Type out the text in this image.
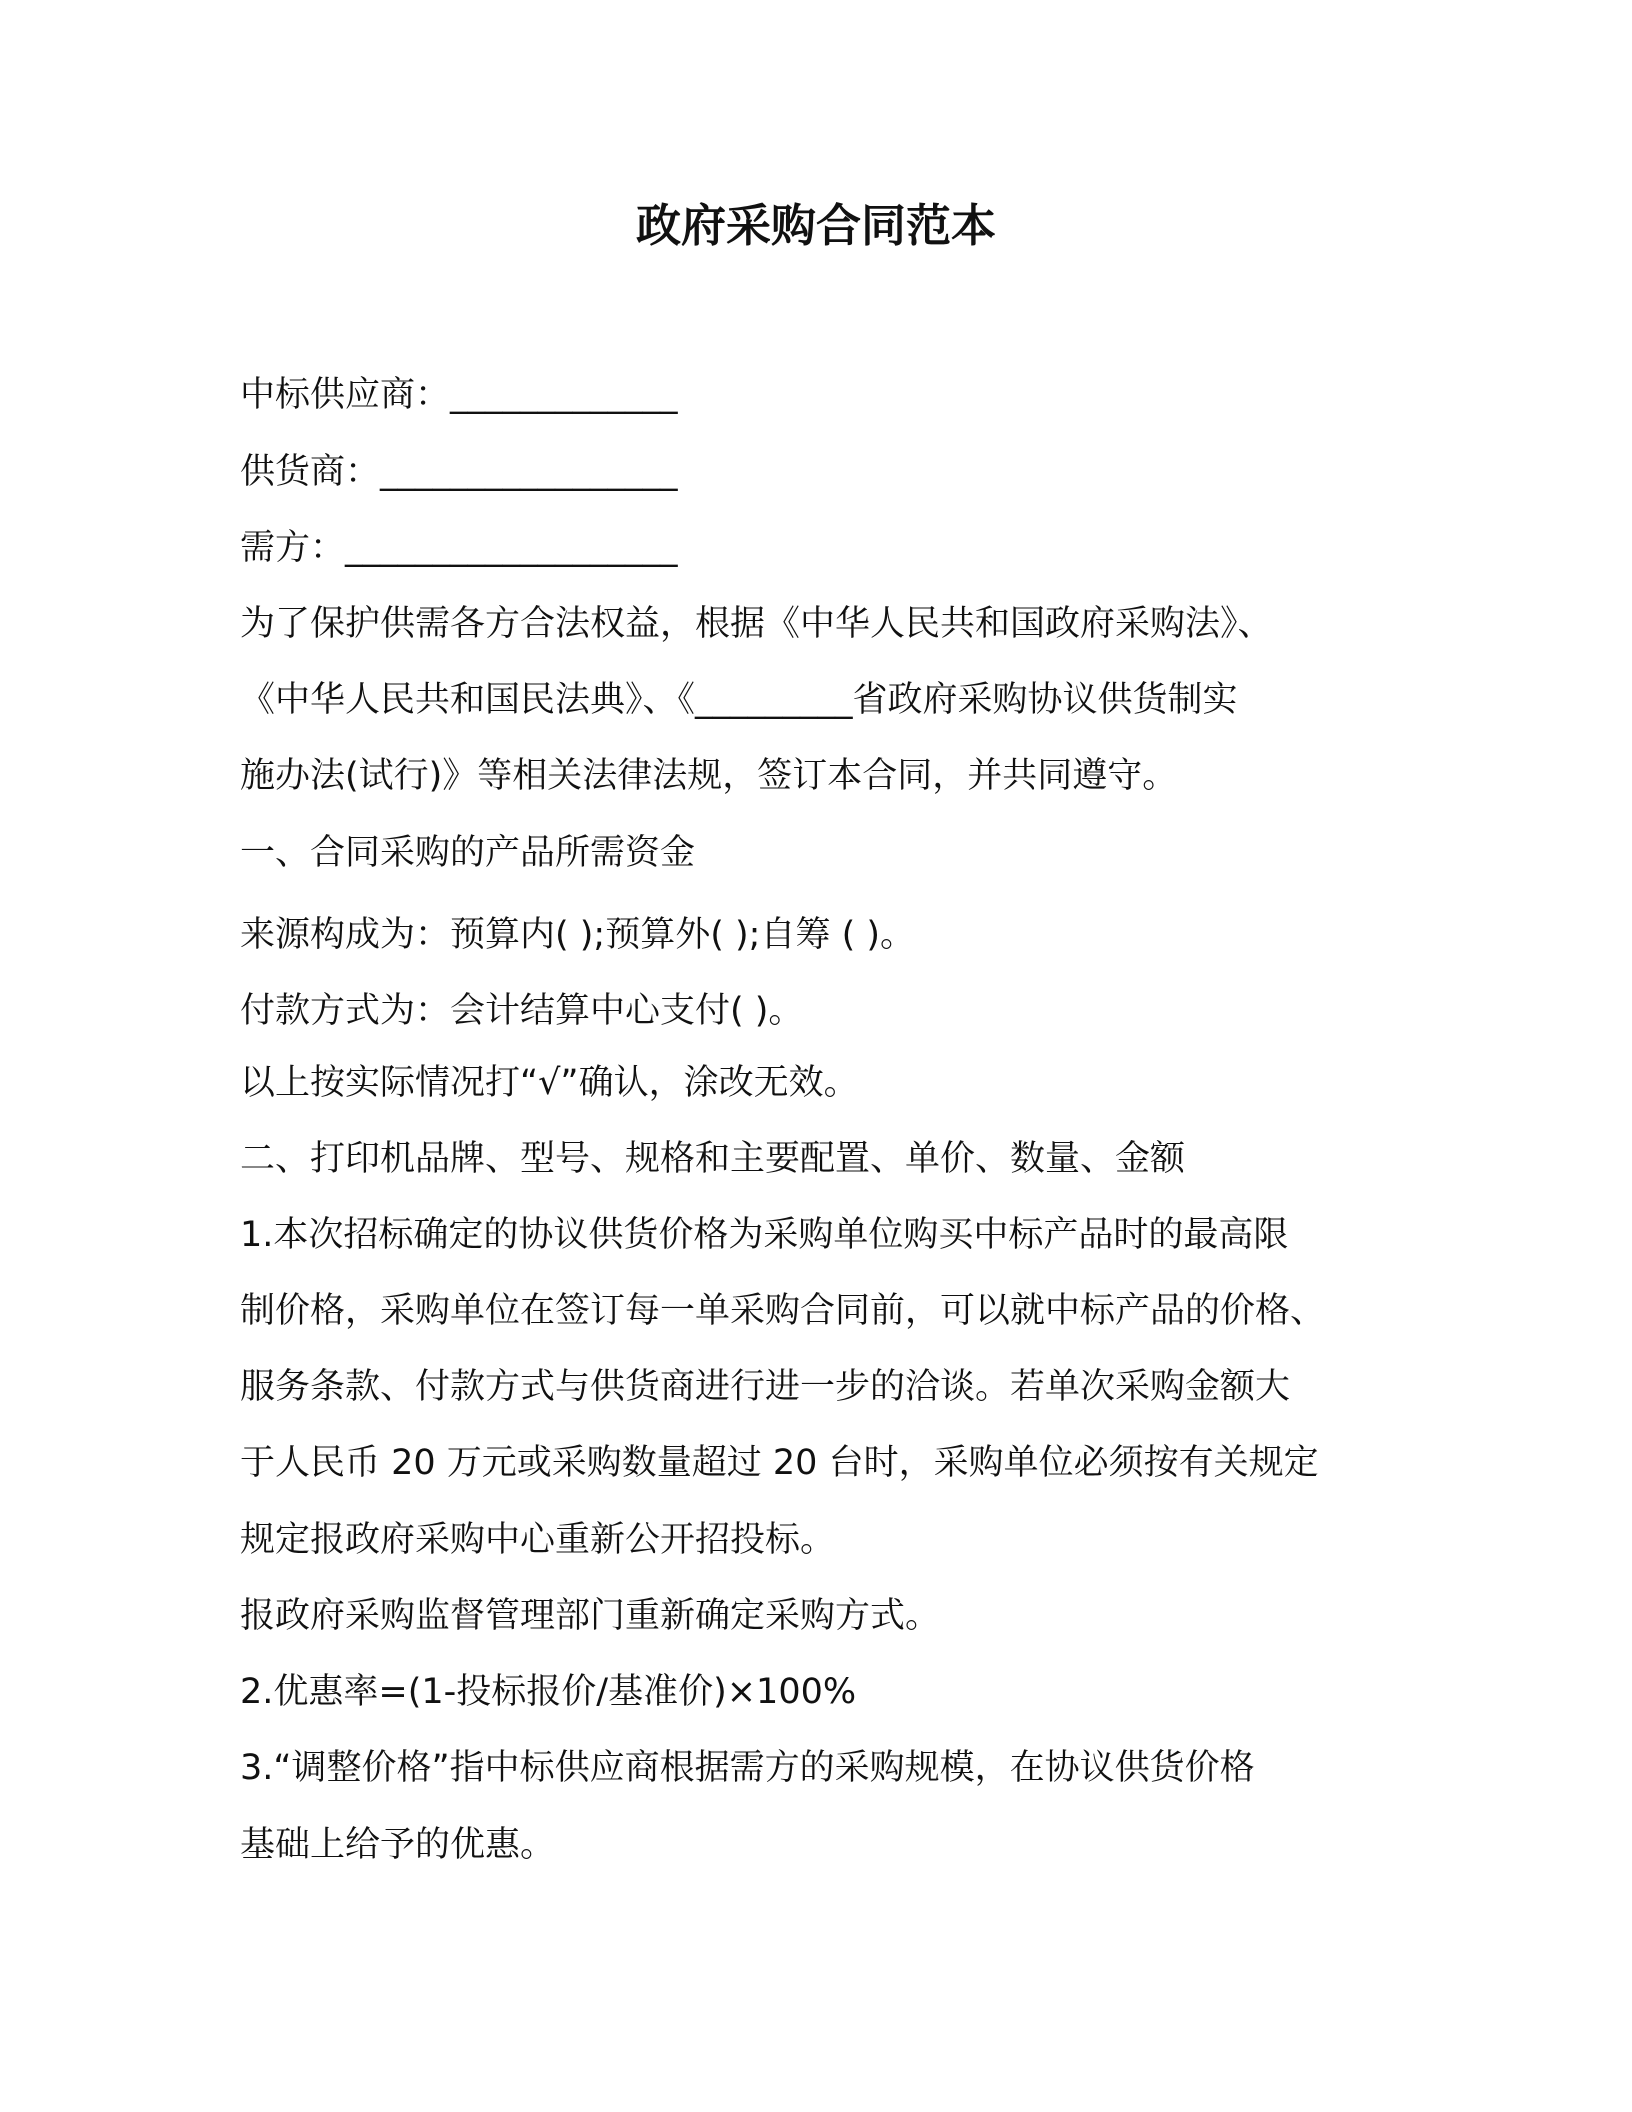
政府采购合同范本
中标供应商：_____________
供货商：_________________
需方：___________________
为了保护供需各方合法权益，根据《中华人民共和国政府采购法》、
《中华人民共和国民法典》、《_________省政府采购协议供货制实
施办法(试行)》等相关法律法规，签订本合同，并共同遵守。
一、合同采购的产品所需资金
来源构成为：预算内( );预算外( );自筹 ( )。
付款方式为：会计结算中心支付( )。
以上按实际情况打“√”确认，涂改无效。
二、打印机品牌、型号、规格和主要配置、单价、数量、金额
1.本次招标确定的协议供货价格为采购单位购买中标产品时的最高限
制价格，采购单位在签订每一单采购合同前，可以就中标产品的价格、
服务条款、付款方式与供货商进行进一步的洽谈。若单次采购金额大
于人民币 20 万元或采购数量超过 20 台时，采购单位必须按有关规定
规定报政府采购中心重新公开招投标。
报政府采购监督管理部门重新确定采购方式。
2.优惠率=(1-投标报价/基准价)×100%
3.“调整价格”指中标供应商根据需方的采购规模，在协议供货价格
基础上给予的优惠。
